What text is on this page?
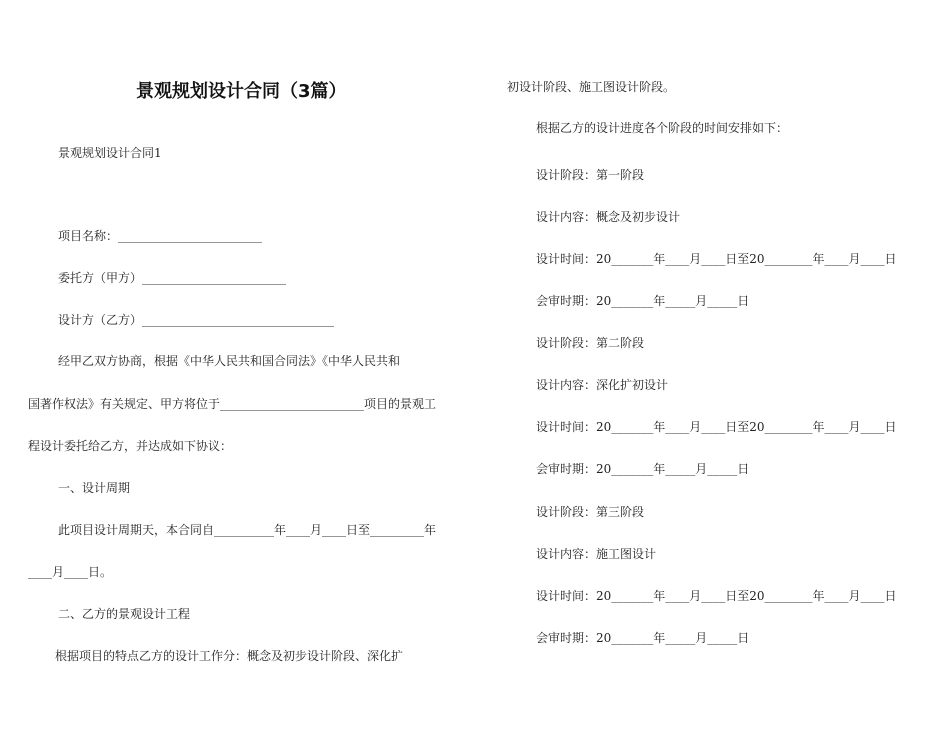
景观规划设计合同（3篇）
景观规划设计合同1
项目名称：________________________
委托方（甲方）________________________
设计方（乙方）________________________________
经甲乙双方协商，根据《中华人民共和国合同法》《中华人民共和
国著作权法》有关规定、甲方将位于________________________项目的景观工
程设计委托给乙方，并达成如下协议：
一、设计周期
此项目设计周期天，本合同自__________年____月____日至_________年
____月____日。
二、乙方的景观设计工程
根据项目的特点乙方的设计工作分：概念及初步设计阶段、深化扩
初设计阶段、施工图设计阶段。
根据乙方的设计进度各个阶段的时间安排如下：
设计阶段：第一阶段
设计内容：概念及初步设计
设计时间：20_______年____月____日至20________年____月____日
会审时期：20_______年_____月_____日
设计阶段：第二阶段
设计内容：深化扩初设计
设计时间：20_______年____月____日至20________年____月____日
会审时期：20_______年_____月_____日
设计阶段：第三阶段
设计内容：施工图设计
设计时间：20_______年____月____日至20________年____月____日
会审时期：20_______年_____月_____日
